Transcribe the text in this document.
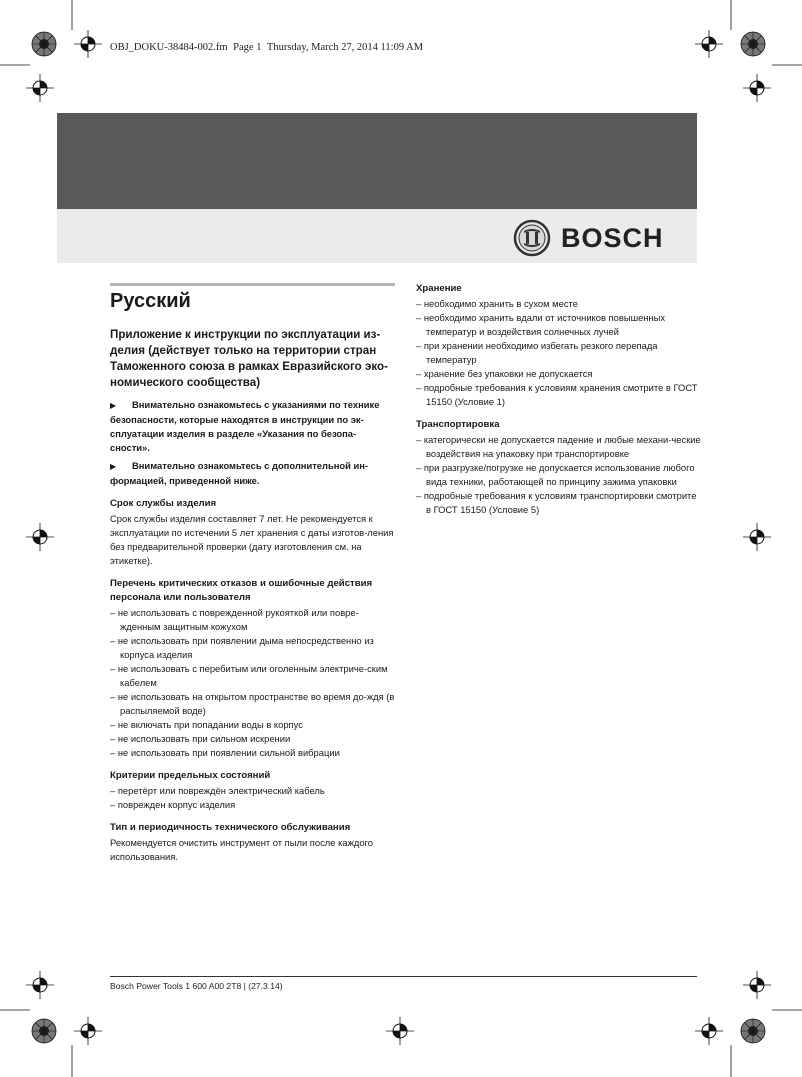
OBJ_DOKU-38484-002.fm Page 1 Thursday, March 27, 2014 11:09 AM
BOSCH
Русский
Приложение к инструкции по эксплуатации из-делия (действует только на территории стран Таможенного союза в рамках Евразийского эко-номического сообщества)
▶ Внимательно ознакомьтесь с указаниями по технике безопасности, которые находятся в инструкции по эк-сплуатации изделия в разделе «Указания по безопа-сности».
▶ Внимательно ознакомьтесь с дополнительной ин-формацией, приведенной ниже.
Срок службы изделия

Срок службы изделия составляет 7 лет. Не рекомендуется к эксплуатации по истечении 5 лет хранения с даты изготов-ления без предварительной проверки (дату изготовления см. на этикетке).

Перечень критических отказов и ошибочные действия персонала или пользователя
– не использовать с поврежденной рукояткой или повре-жденным защитным кожухом
– не использовать при появлении дыма непосредственно из корпуса изделия
– не использовать с перебитым или оголенным электриче-ским кабелем
– не использовать на открытом пространстве во время до-ждя (в распыляемой воде)
– не включать при попадании воды в корпус
– не использовать при сильном искрении
– не использовать при появлении сильной вибрации
Критерии предельных состояний
– перетёрт или повреждён электрический кабель
– поврежден корпус изделия
Тип и периодичность технического обслуживания

Рекомендуется очистить инструмент от пыли после каждого использования.

Хранение
– необходимо хранить в сухом месте
– необходимо хранить вдали от источников повышенных температур и воздействия солнечных лучей
– при хранении необходимо избегать резкого перепада температур
– хранение без упаковки не допускается
– подробные требования к условиям хранения смотрите в ГОСТ 15150 (Условие 1)
Транспортировка
– категорически не допускается падение и любые механи-ческие воздействия на упаковку при транспортировке
– при разгрузке/погрузке не допускается использование любого вида техники, работающей по принципу зажима упаковки
– подробные требования к условиям транспортировки смотрите в ГОСТ 15150 (Условие 5)
Bosch Power Tools 1 600 A00 2T8 | (27.3.14)
